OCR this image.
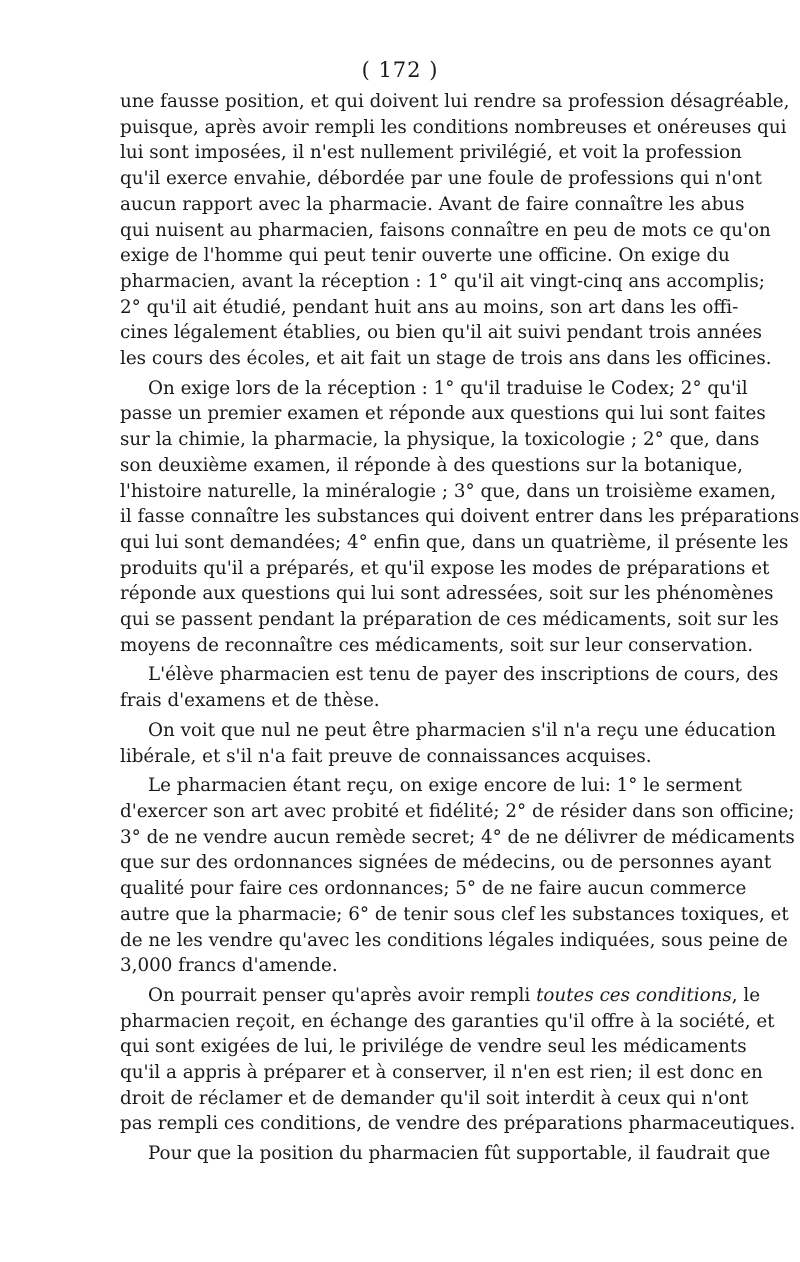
( 172 )
une fausse position, et qui doivent lui rendre sa profession désagréable,
puisque, après avoir rempli les conditions nombreuses et onéreuses qui
lui sont imposées, il n'est nullement privilégié, et voit la profession
qu'il exerce envahie, débordée par une foule de professions qui n'ont
aucun rapport avec la pharmacie. Avant de faire connaître les abus
qui nuisent au pharmacien, faisons connaître en peu de mots ce qu'on
exige de l'homme qui peut tenir ouverte une officine. On exige du
pharmacien, avant la réception : 1° qu'il ait vingt-cinq ans accomplis;
2° qu'il ait étudié, pendant huit ans au moins, son art dans les offi-
cines légalement établies, ou bien qu'il ait suivi pendant trois années
les cours des écoles, et ait fait un stage de trois ans dans les officines.
On exige lors de la réception : 1° qu'il traduise le Codex; 2° qu'il
passe un premier examen et réponde aux questions qui lui sont faites
sur la chimie, la pharmacie, la physique, la toxicologie ; 2° que, dans
son deuxième examen, il réponde à des questions sur la botanique,
l'histoire naturelle, la minéralogie ; 3° que, dans un troisième examen,
il fasse connaître les substances qui doivent entrer dans les préparations
qui lui sont demandées; 4° enfin que, dans un quatrième, il présente les
produits qu'il a préparés, et qu'il expose les modes de préparations et
réponde aux questions qui lui sont adressées, soit sur les phénomènes
qui se passent pendant la préparation de ces médicaments, soit sur les
moyens de reconnaître ces médicaments, soit sur leur conservation.
L'élève pharmacien est tenu de payer des inscriptions de cours, des
frais d'examens et de thèse.
On voit que nul ne peut être pharmacien s'il n'a reçu une éducation
libérale, et s'il n'a fait preuve de connaissances acquises.
Le pharmacien étant reçu, on exige encore de lui: 1° le serment
d'exercer son art avec probité et fidélité; 2° de résider dans son officine;
3° de ne vendre aucun remède secret; 4° de ne délivrer de médicaments
que sur des ordonnances signées de médecins, ou de personnes ayant
qualité pour faire ces ordonnances; 5° de ne faire aucun commerce
autre que la pharmacie; 6° de tenir sous clef les substances toxiques, et
de ne les vendre qu'avec les conditions légales indiquées, sous peine de
3,000 francs d'amende.
On pourrait penser qu'après avoir rempli toutes ces conditions, le
pharmacien reçoit, en échange des garanties qu'il offre à la société, et
qui sont exigées de lui, le privilége de vendre seul les médicaments
qu'il a appris à préparer et à conserver, il n'en est rien; il est donc en
droit de réclamer et de demander qu'il soit interdit à ceux qui n'ont
pas rempli ces conditions, de vendre des préparations pharmaceutiques.
Pour que la position du pharmacien fût supportable, il faudrait que
